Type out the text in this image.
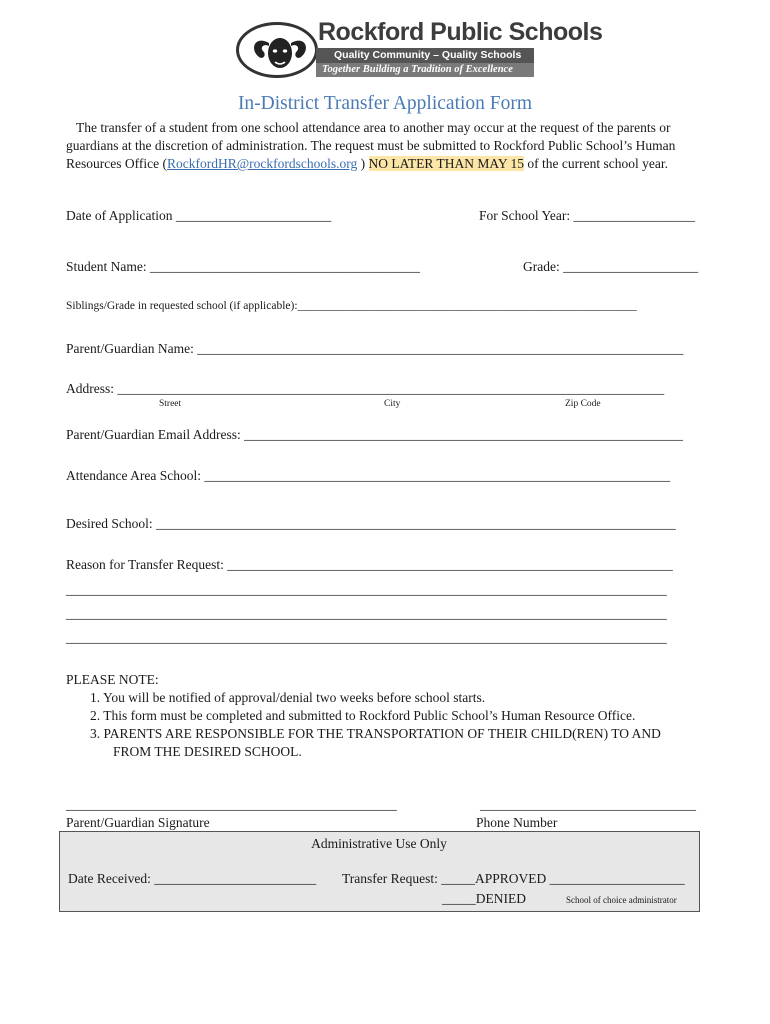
Rockford Public Schools
Quality Community – Quality Schools
Together Building a Tradition of Excellence
In-District Transfer Application Form
The transfer of a student from one school attendance area to another may occur at the request of the parents or
guardians at the discretion of administration. The request must be submitted to Rockford Public School’s Human
Resources Office (RockfordHR@rockfordschools.org ) NO LATER THAN MAY 15 of the current school year.
Date of Application _______________________	For School Year: __________________
Student Name: ________________________________________	Grade: ____________________
Siblings/Grade in requested school (if applicable):___________________________________________________________
Parent/Guardian Name: ________________________________________________________________________
Address: _________________________________________________________________________________
Street	City	Zip Code
Parent/Guardian Email Address: _________________________________________________________________
Attendance Area School: _____________________________________________________________________
Desired School: _____________________________________________________________________________
Reason for Transfer Request: __________________________________________________________________
_________________________________________________________________________________________
_________________________________________________________________________________________
_________________________________________________________________________________________
PLEASE NOTE:
1. You will be notified of approval/denial two weeks before school starts.
2. This form must be completed and submitted to Rockford Public School’s Human Resource Office.
3. PARENTS ARE RESPONSIBLE FOR THE TRANSPORTATION OF THEIR CHILD(REN) TO AND
FROM THE DESIRED SCHOOL.
_________________________________________________
Parent/Guardian Signature
________________________________
Phone Number
Administrative Use Only
Date Received: ________________________ Transfer Request: _____APPROVED ____________________
_____DENIED	School of choice administrator
